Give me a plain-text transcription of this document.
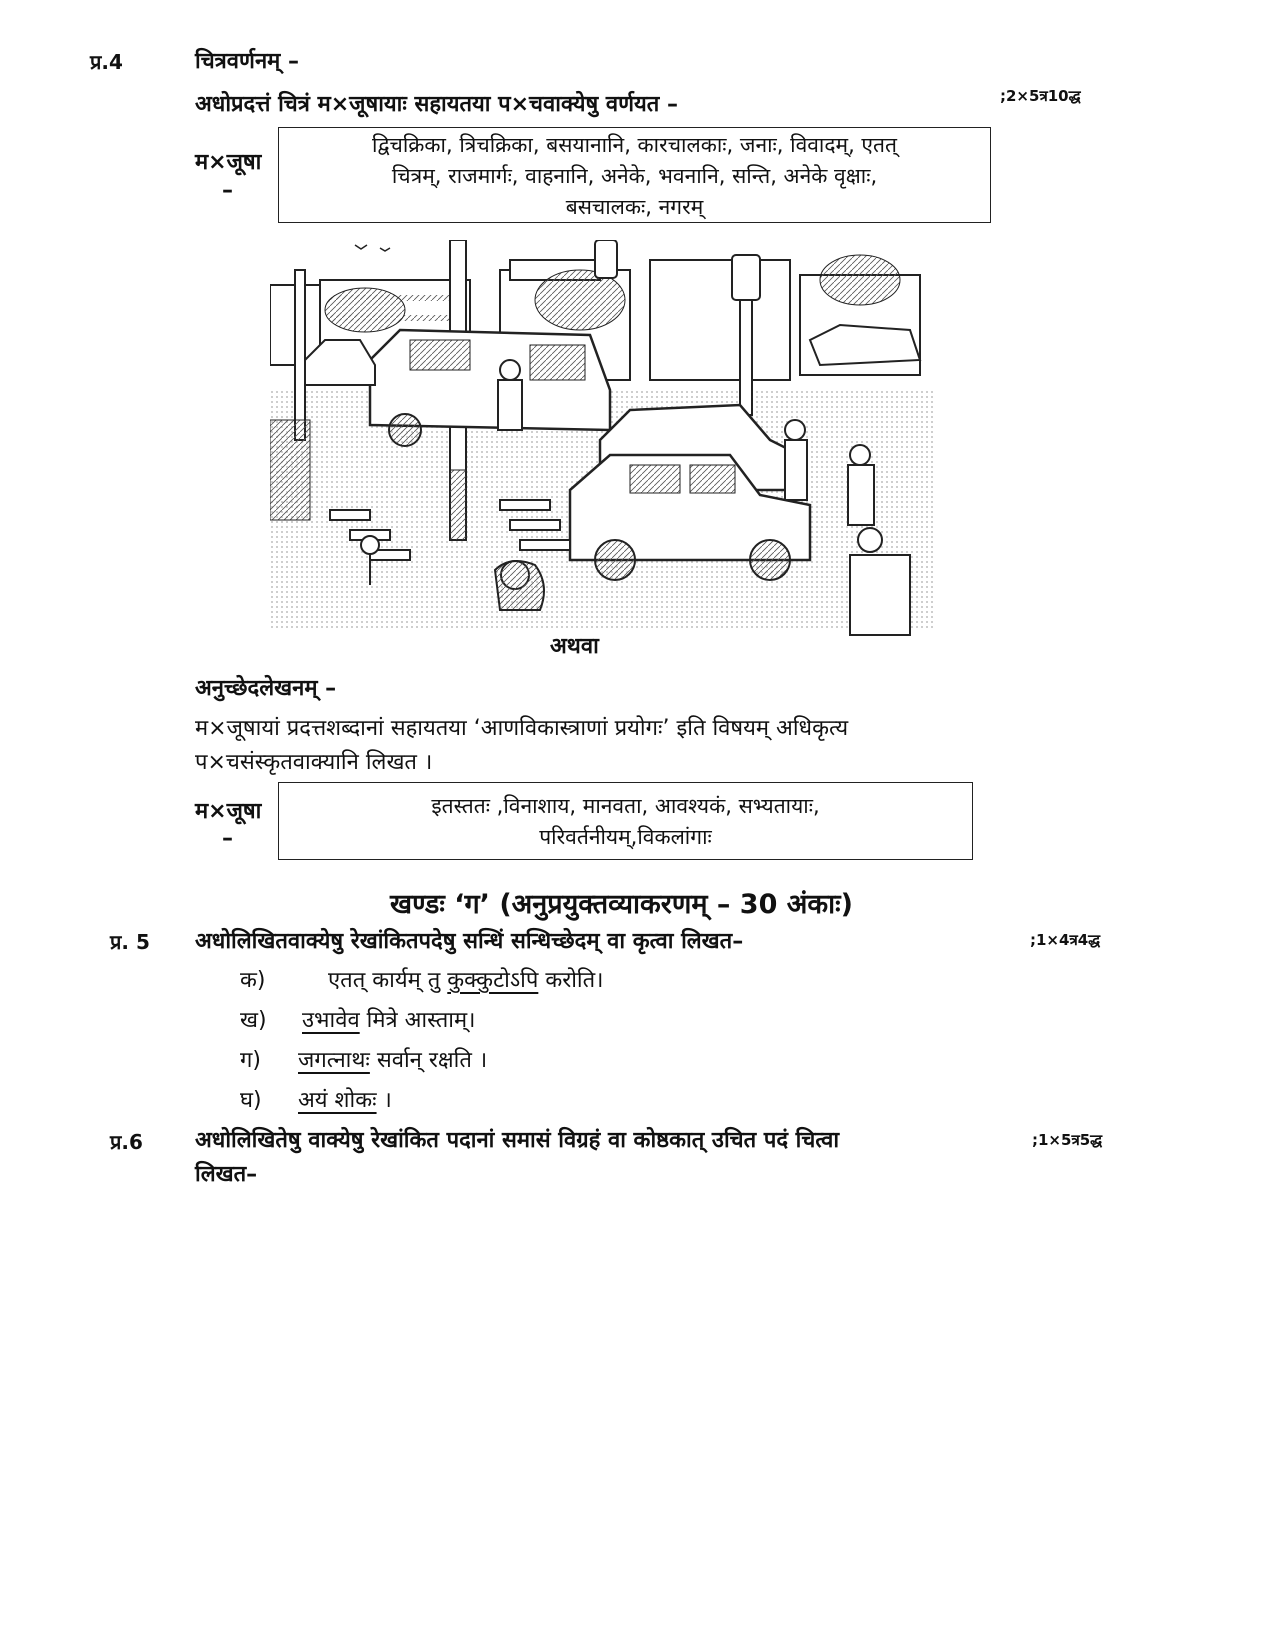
प्र.4	चित्रवर्णनम् –
अधोप्रदत्तं चित्रं म×जूषायाः सहायतया प×चवाक्येषु वर्णयत –	;2×5त्र10द्ध
म×जूषा
–
द्विचक्रिका, त्रिचक्रिका, बसयानानि, कारचालकाः, जनाः, विवादम्, एतत्
चित्रम्, राजमार्गः, वाहनानि, अनेके, भवनानि, सन्ति, अनेके वृक्षाः,
बसचालकः, नगरम्
अथवा
अनुच्छेदलेखनम् –
म×जूषायां प्रदत्तशब्दानां सहायतया ‘आणविकास्त्राणां प्रयोगः’ इति विषयम् अधिकृत्य
प×चसंस्कृतवाक्यानि लिखत ।
म×जूषा
–
इतस्ततः ,विनाशाय, मानवता, आवश्यकं, सभ्यतायाः,
परिवर्तनीयम्,विकलांगाः
खण्डः ‘ग’ (अनुप्रयुक्तव्याकरणम् – 30 अंकाः)
प्र. 5 अधोलिखितवाक्येषु रेखांकितपदेषु सन्धिं सन्धिच्छेदम् वा कृत्वा लिखत–	;1×4त्र4द्ध
क)	एतत् कार्यम् तु कुक्कुटोऽपि करोति।
ख) उभावेव मित्रे आस्ताम्।
ग) जगत्नाथः सर्वान् रक्षति ।
घ) अयं शोकः ।
प्र.6 अधोलिखितेषु वाक्येषु रेखांकित पदानां समासं विग्रहं वा कोष्ठकात् उचित पदं चित्वा	;1×5त्र5द्ध
लिखत–
